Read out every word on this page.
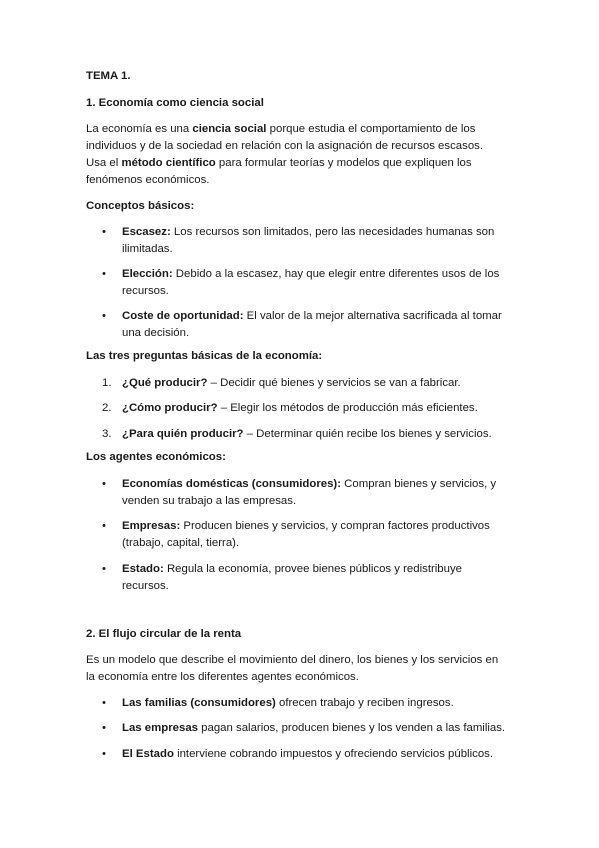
TEMA 1.

1. Economía como ciencia social

La economía es una ciencia social porque estudia el comportamiento de los

individuos y de la sociedad en relación con la asignación de recursos escasos.

Usa el método científico para formular teorías y modelos que expliquen los

fenómenos económicos.

Conceptos básicos:

• Escasez: Los recursos son limitados, pero las necesidades humanas son
ilimitadas.
• Elección: Debido a la escasez, hay que elegir entre diferentes usos de los
recursos.
• Coste de oportunidad: El valor de la mejor alternativa sacrificada al tomar
una decisión.

Las tres preguntas básicas de la economía:

1. ¿Qué producir? – Decidir qué bienes y servicios se van a fabricar.
2. ¿Cómo producir? – Elegir los métodos de producción más eficientes.
3. ¿Para quién producir? – Determinar quién recibe los bienes y servicios.

Los agentes económicos:

• Economías domésticas (consumidores): Compran bienes y servicios, y
venden su trabajo a las empresas.
• Empresas: Producen bienes y servicios, y compran factores productivos
(trabajo, capital, tierra).
• Estado: Regula la economía, provee bienes públicos y redistribuye
recursos.

2. El flujo circular de la renta

Es un modelo que describe el movimiento del dinero, los bienes y los servicios en

la economía entre los diferentes agentes económicos.

• Las familias (consumidores) ofrecen trabajo y reciben ingresos.
• Las empresas pagan salarios, producen bienes y los venden a las familias.
• El Estado interviene cobrando impuestos y ofreciendo servicios públicos.
